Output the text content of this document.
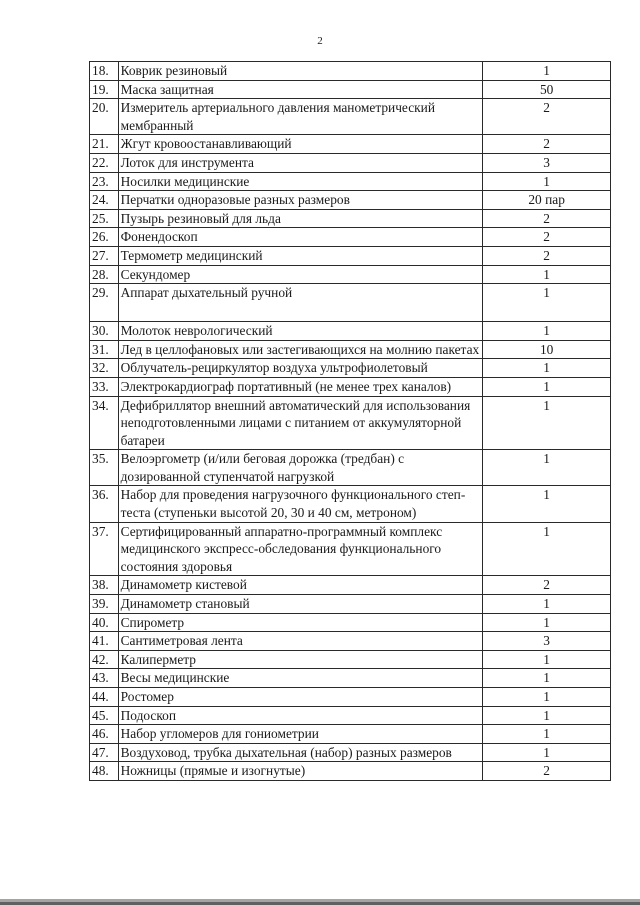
2
18.	Коврик резиновый	1
19.	Маска защитная	50
20.	Измеритель артериального давления манометрический мембранный	2
21.	Жгут кровоостанавливающий	2
22.	Лоток для инструмента	3
23.	Носилки медицинские	1
24.	Перчатки одноразовые разных размеров	20 пар
25.	Пузырь резиновый для льда	2
26.	Фонендоскоп	2
27.	Термометр медицинский	2
28.	Секундомер	1
29.	Аппарат дыхательный ручной	1
30.	Молоток неврологический	1
31.	Лед в целлофановых или застегивающихся на молнию пакетах	10
32.	Облучатель-рециркулятор воздуха ультрофиолетовый	1
33.	Электрокардиограф портативный (не менее трех каналов)	1
34.	Дефибриллятор внешний автоматический для использования неподготовленными лицами с питанием от аккумуляторной батареи	1
35.	Велоэргометр (и/или беговая дорожка (тредбан) с дозированной ступенчатой нагрузкой	1
36.	Набор для проведения нагрузочного функционального степ-теста (ступеньки высотой 20, 30 и 40 см, метроном)	1
37.	Сертифицированный аппаратно-программный комплекс медицинского экспресс-обследования функционального состояния здоровья	1
38.	Динамометр кистевой	2
39.	Динамометр становый	1
40.	Спирометр	1
41.	Сантиметровая лента	3
42.	Калиперметр	1
43.	Весы медицинские	1
44.	Ростомер	1
45.	Подоскоп	1
46.	Набор угломеров для гониометрии	1
47.	Воздуховод, трубка дыхательная (набор) разных размеров	1
48.	Ножницы (прямые и изогнутые)	2
